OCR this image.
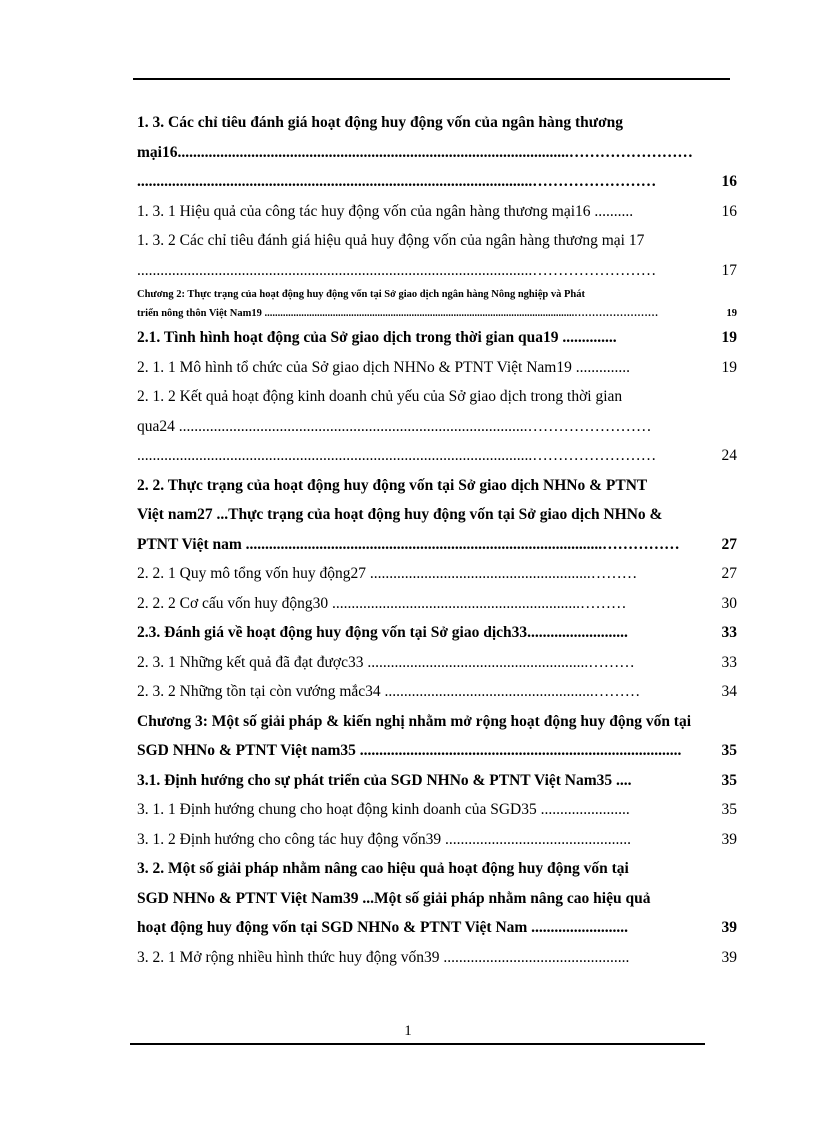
1. 3. Các chỉ tiêu đánh giá hoạt động huy động vốn của ngân hàng thương
mại16.....................................................................................................……………………
......................................................................................................……………………	16
1. 3. 1 Hiệu quả của công tác huy động vốn của ngân hàng thương mại16 ..........	16
1. 3. 2 Các chỉ tiêu đánh giá hiệu quả huy động vốn của ngân hàng thương mại 17
......................................................................................................……………………	17
Chương 2: Thực trạng của hoạt động huy động vốn tại Sở giao dịch ngân hàng Nông nghiệp và Phát
triển nông thôn Việt Nam19 ......................................................................................................................……………………	19
2.1. Tình hình hoạt động của Sở giao dịch trong thời gian qua19 ..............	19
2. 1. 1 Mô hình tổ chức của Sở giao dịch NHNo & PTNT Việt Nam19 ..............	19
2. 1. 2 Kết quả hoạt động kinh doanh chủ yếu của Sở giao dịch trong thời gian
qua24 ..........................................................................................……………………
......................................................................................................……………………	24
2. 2. Thực trạng của hoạt động huy động vốn tại Sở giao dịch NHNo & PTNT
Việt nam27 ...Thực trạng của hoạt động huy động vốn tại Sở giao dịch NHNo &
PTNT Việt nam ............................................................................................……………	27
2. 2. 1 Quy mô tổng vốn huy động27 .........................................................………	27
2. 2. 2 Cơ cấu vốn huy động30 ................................................................………	30
2.3. Đánh giá về hoạt động huy động vốn tại Sở giao dịch33..........................	33
2. 3. 1 Những kết quả đã đạt được33 .........................................................………	33
2. 3. 2 Những tồn tại còn vướng mắc34 ......................................................………	34
Chương 3: Một số giải pháp & kiến nghị nhằm mở rộng hoạt động huy động vốn tại
SGD NHNo & PTNT Việt nam35 ...................................................................................	35
3.1. Định hướng cho sự phát triển của SGD NHNo & PTNT Việt Nam35 ....	35
3. 1. 1 Định hướng chung cho hoạt động kinh doanh của SGD35 .......................	35
3. 1. 2 Định hướng cho công tác huy động vốn39 ................................................	39
3. 2. Một số giải pháp nhằm nâng cao hiệu quả hoạt động huy động vốn tại
SGD NHNo & PTNT Việt Nam39 ...Một số giải pháp nhằm nâng cao hiệu quả
hoạt động huy động vốn tại SGD NHNo & PTNT Việt Nam .........................	39
3. 2. 1 Mở rộng nhiều hình thức huy động vốn39 ................................................	39
1
